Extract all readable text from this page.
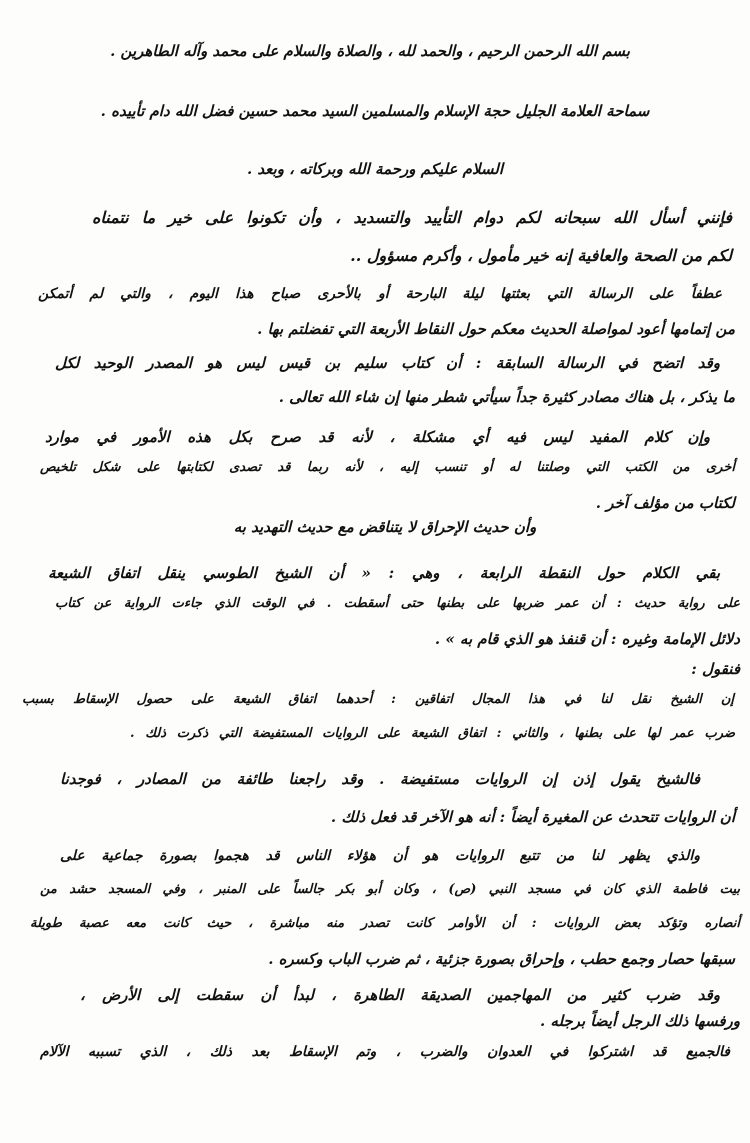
بسم الله الرحمن الرحيم ، والحمد لله ، والصلاة والسلام على محمد وآله الطاهرين .
سماحة العلامة الجليل حجة الإسلام والمسلمين السيد محمد حسين فضل الله دام تأييده .
السلام عليكم ورحمة الله وبركاته ، وبعد .
فإنني أسأل الله سبحانه لكم دوام التأييد والتسديد ، وأن تكونوا على خير ما نتمناه
لكم من الصحة والعافية إنه خير مأمول ، وأكرم مسؤول ..
عطفاً على الرسالة التي بعثتها ليلة البارحة أو بالأحرى صباح هذا اليوم ، والتي لم أتمكن
من إتمامها أعود لمواصلة الحديث معكم حول النقاط الأربعة التي تفضلتم بها .
وقد اتضح في الرسالة السابقة : أن كتاب سليم بن قيس ليس هو المصدر الوحيد لكل
ما يذكر ، بل هناك مصادر كثيرة جداً سيأتي شطر منها إن شاء الله تعالى .
وإن كلام المفيد ليس فيه أي مشكلة ، لأنه قد صرح بكل هذه الأمور في موارد
أخرى من الكتب التي وصلتنا له أو تنسب إليه ، لأنه ربما قد تصدى لكتابتها على شكل تلخيص
لكتاب من مؤلف آخر .
وأن حديث الإحراق لا يتناقض مع حديث التهديد به
بقي الكلام حول النقطة الرابعة ، وهي : « أن الشيخ الطوسي ينقل اتفاق الشيعة
على رواية حديث : أن عمر ضربها على بطنها حتى أسقطت . في الوقت الذي جاءت الرواية عن كتاب
دلائل الإمامة وغيره : أن قنفذ هو الذي قام به » .
فنقول :
إن الشيخ نقل لنا في هذا المجال اتفاقين : أحدهما اتفاق الشيعة على حصول الإسقاط بسبب
ضرب عمر لها على بطنها ، والثاني : اتفاق الشيعة على الروايات المستفيضة التي ذكرت ذلك .
فالشيخ يقول إذن إن الروايات مستفيضة . وقد راجعنا طائفة من المصادر ، فوجدنا
أن الروايات تتحدث عن المغيرة أيضاً : أنه هو الآخر قد فعل ذلك .
والذي يظهر لنا من تتبع الروايات هو أن هؤلاء الناس قد هجموا بصورة جماعية على
بيت فاطمة الذي كان في مسجد النبي (ص) ، وكان أبو بكر جالساً على المنبر ، وفي المسجد حشد من
أنصاره وتؤكد بعض الروايات : أن الأوامر كانت تصدر منه مباشرة ، حيث كانت معه عصبة طويلة
سبقها حصار وجمع حطب ، وإحراق بصورة جزئية ، ثم ضرب الباب وكسره .
وقد ضرب كثير من المهاجمين الصديقة الطاهرة ، لبدأ أن سقطت إلى الأرض ،
ورفسها ذلك الرجل أيضاً برجله .
فالجميع قد اشتركوا في العدوان والضرب ، وتم الإسقاط بعد ذلك ، الذي تسببه الآلام
